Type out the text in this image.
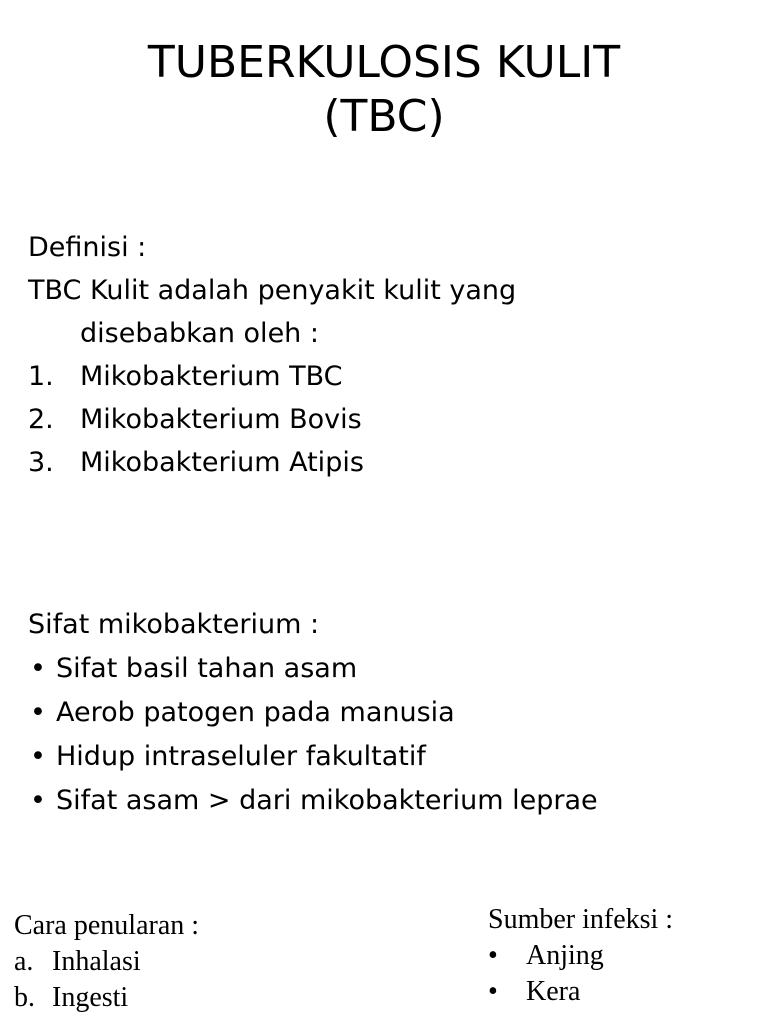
TUBERKULOSIS KULIT
(TBC)
Definisi :
TBC Kulit adalah penyakit kulit yang
disebabkan oleh :
1. Mikobakterium TBC
2. Mikobakterium Bovis
3. Mikobakterium Atipis
Sifat mikobakterium :
• Sifat basil tahan asam
• Aerob patogen pada manusia
• Hidup intraseluler fakultatif
• Sifat asam > dari mikobakterium leprae
Cara penularan :
a. Inhalasi
b. Ingesti
Sumber infeksi :
• Anjing
• Kera
